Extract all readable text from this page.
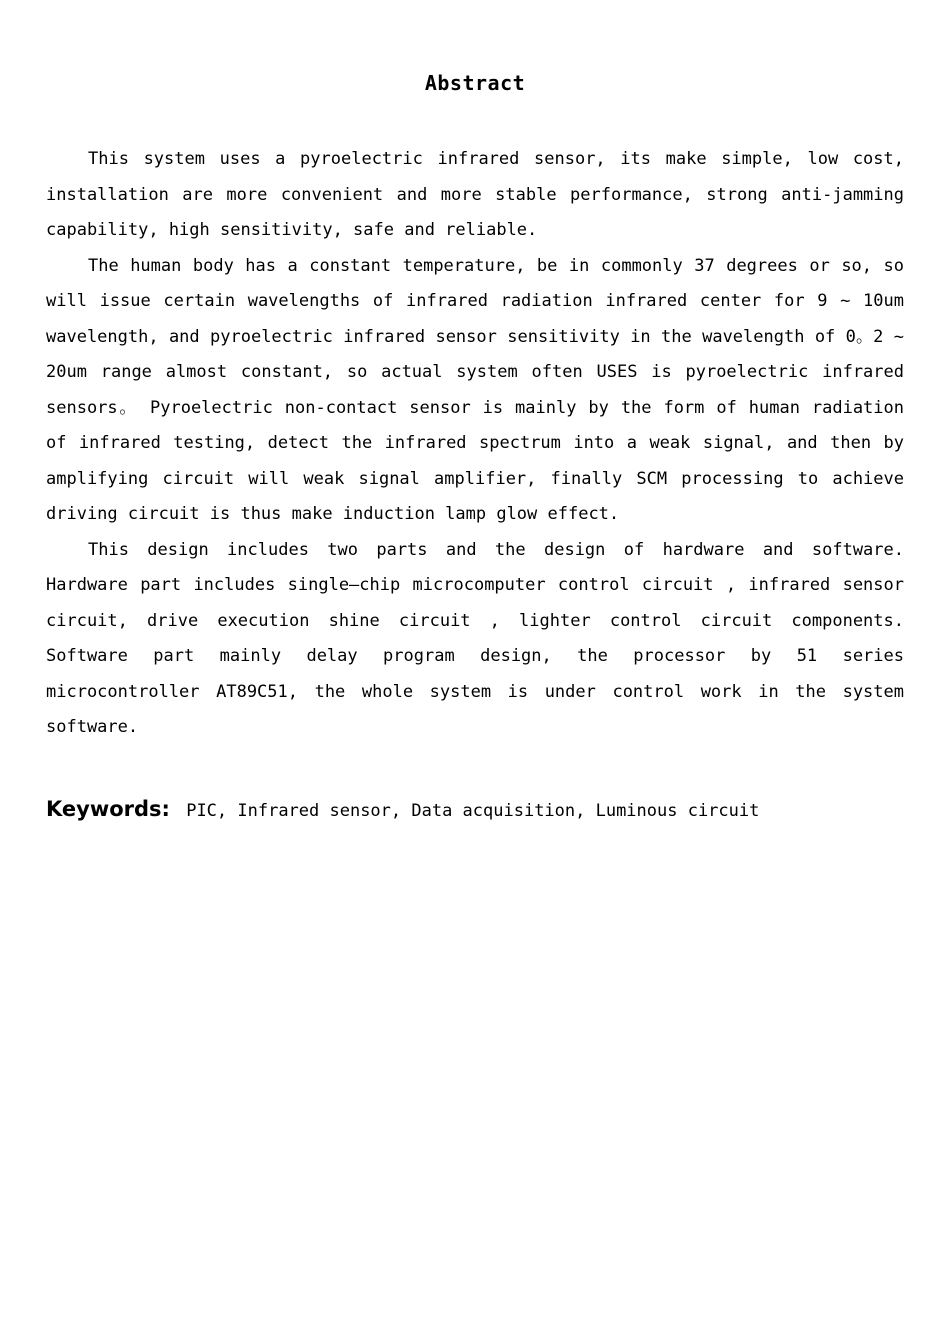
Abstract

This system uses a pyroelectric infrared sensor, its make simple, low cost, installation are more convenient and more stable performance, strong anti-jamming capability, high sensitivity, safe and reliable.

The human body has a constant temperature, be in commonly 37 degrees or so, so will issue certain wavelengths of infrared radiation infrared center for 9 ~ 10um wavelength, and pyroelectric infrared sensor sensitivity in the wavelength of 0。2 ~ 20um range almost constant, so actual system often USES is pyroelectric infrared sensors。 Pyroelectric non-contact sensor is mainly by the form of human radiation of infrared testing, detect the infrared spectrum into a weak signal, and then by amplifying circuit will weak signal amplifier, finally SCM processing to achieve driving circuit is thus make induction lamp glow effect.

This design includes two parts and the design of hardware and software. Hardware part includes single—chip microcomputer control circuit , infrared sensor circuit, drive execution shine circuit , lighter control circuit components. Software part mainly delay program design, the processor by 51 series microcontroller AT89C51, the whole system is under control work in the system software.

Keywords: PIC, Infrared sensor, Data acquisition, Luminous circuit
